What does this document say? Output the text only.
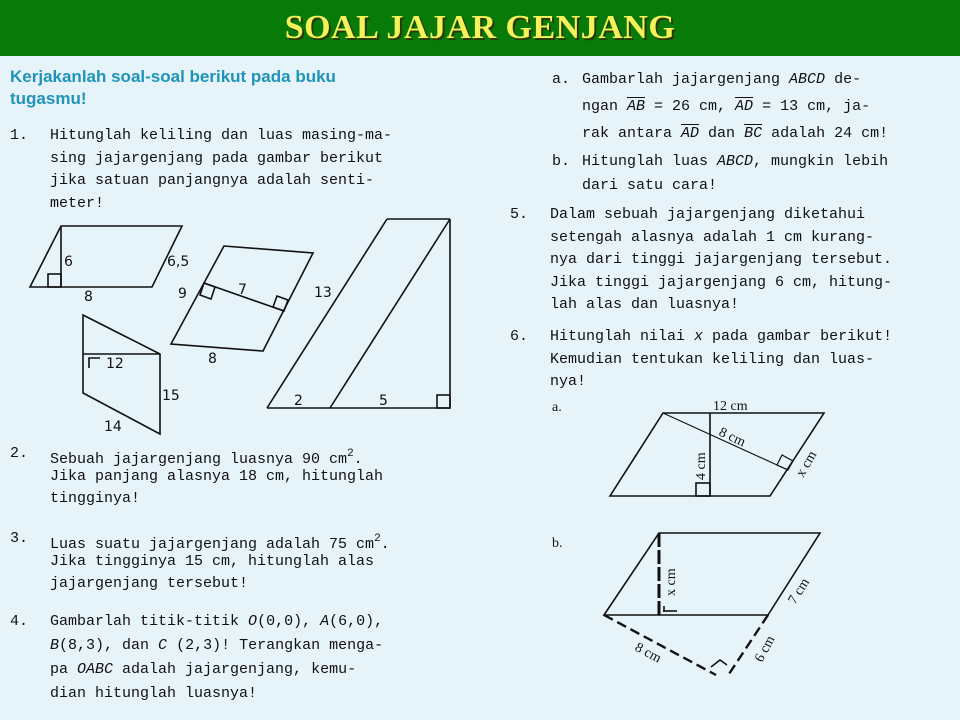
SOAL JAJAR GENJANG
Kerjakanlah soal-soal berikut pada buku
tugasmu!
1. Hitunglah keliling dan luas masing-ma-
sing jajargenjang pada gambar berikut
jika satuan panjangnya adalah senti-
meter!
2. Sebuah jajargenjang luasnya 90 $cm^2$.
Jika panjang alasnya 18 cm, hitunglah
tingginya!
3. Luas suatu jajargenjang adalah 75 $cm^2$.
Jika tingginya 15 cm, hitunglah alas
jajargenjang tersebut!
4. Gambarlah titik-titik O(0,0), A(6,0),
B(8,3), dan C (2,3)! Terangkan menga-
pa OABC adalah jajargenjang, kemu-
dian hitunglah luasnya!
a. Gambarlah jajargenjang ABCD de-
ngan $\overline{AB} = 26$ cm, $\overline{AD} = 13$ cm, ja-
rak antara $\overline{AD}$ dan $\overline{BC}$ adalah 24 cm!
b. Hitunglah luas ABCD, mungkin lebih
dari satu cara!
5. Dalam sebuah jajargenjang diketahui
setengah alasnya adalah 1 cm kurang-
nya dari tinggi jajargenjang tersebut.
Jika tinggi jajargenjang 6 cm, hitung-
lah alas dan luasnya!
6. Hitunglah nilai x pada gambar berikut!
Kemudian tentukan keliling dan luas-
nya!
6	6,5
8	9	7
8
12
15
14
13
2	5	a.	12 cm
4 cm
8 cm
x cm
b.
x cm	7 cm
6 cm
8 cm
